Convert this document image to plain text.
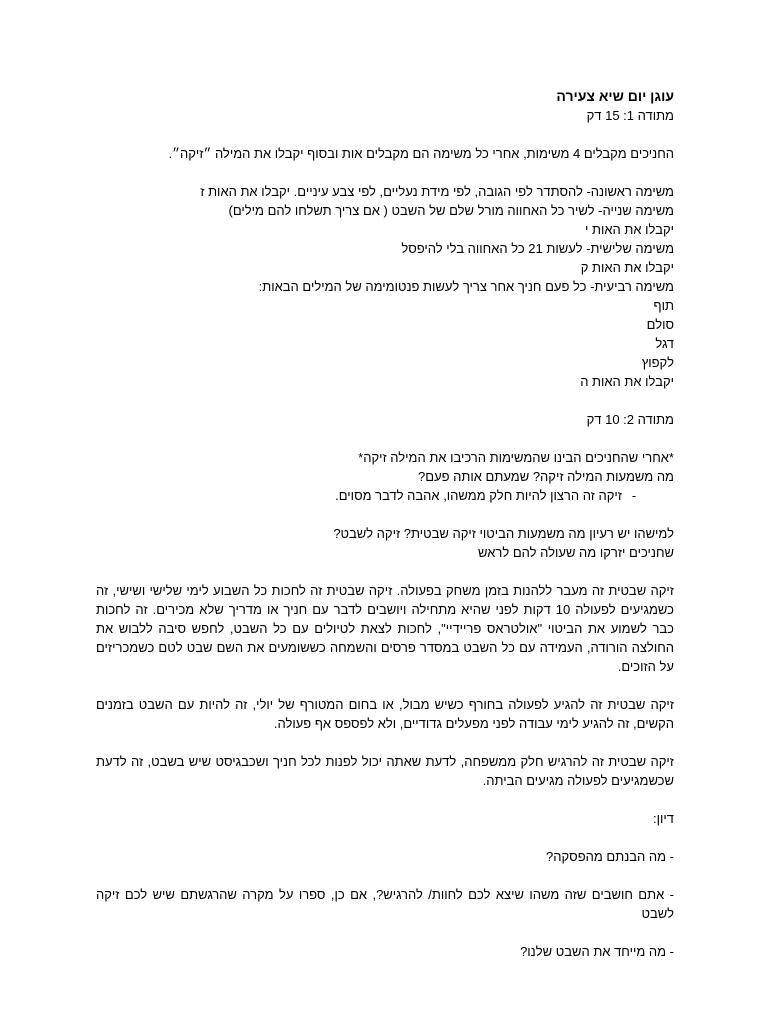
עוגן יום שיא צעירה
מתודה 1: 15 דק
החניכים מקבלים 4 משימות, אחרי כל משימה הם מקבלים אות ובסוף יקבלו את המילה ״זיקה״.
משימה ראשונה- להסתדר לפי הגובה, לפי מידת נעליים, לפי צבע עיניים. יקבלו את האות ז
משימה שנייה- לשיר כל האחווה מורל שלם של השבט ( אם צריך תשלחו להם מילים)
יקבלו את האות י
משימה שלישית- לעשות 21 כל האחווה בלי להיפסל
יקבלו את האות ק
משימה רביעית- כל פעם חניך אחר צריך לעשות פנטומימה של המילים הבאות:
תוף
סולם
דגל
לקפוץ
יקבלו את האות ה
מתודה 2: 10 דק
*אחרי שהחניכים הבינו שהמשימות הרכיבו את המילה זיקה*
מה משמעות המילה זיקה? שמעתם אותה פעם?
-זיקה זה הרצון להיות חלק ממשהו, אהבה לדבר מסוים.
למישהו יש רעיון מה משמעות הביטוי זיקה שבטית? זיקה לשבט?
שחניכים יזרקו מה שעולה להם לראש
זיקה שבטית זה מעבר ללהנות בזמן משחק בפעולה. זיקה שבטית זה לחכות כל השבוע לימי שלישי ושישי, זה כשמגיעים לפעולה 10 דקות לפני שהיא מתחילה ויושבים לדבר עם חניך או מדריך שלא מכירים. זה לחכות כבר לשמוע את הביטוי "אולטראס פריידיי", לחכות לצאת לטיולים עם כל השבט, לחפש סיבה ללבוש את החולצה הורודה, העמידה עם כל השבט במסדר פרסים והשמחה כששומעים את השם שבט לטם כשמכריזים על הזוכים.
זיקה שבטית זה להגיע לפעולה בחורף כשיש מבול, או בחום המטורף של יולי, זה להיות עם השבט בזמנים הקשים, זה להגיע לימי עבודה לפני מפעלים גדודיים, ולא לפספס אף פעולה.
זיקה שבטית זה להרגיש חלק ממשפחה, לדעת שאתה יכול לפנות לכל חניך ושכבגיסט שיש בשבט, זה לדעת שכשמגיעים לפעולה מגיעים הביתה.
דיון:
- מה הבנתם מהפסקה?
- אתם חושבים שזה משהו שיצא לכם לחוות/ להרגיש?, אם כן, ספרו על מקרה שהרגשתם שיש לכם זיקה לשבט
- מה מייחד את השבט שלנו?
